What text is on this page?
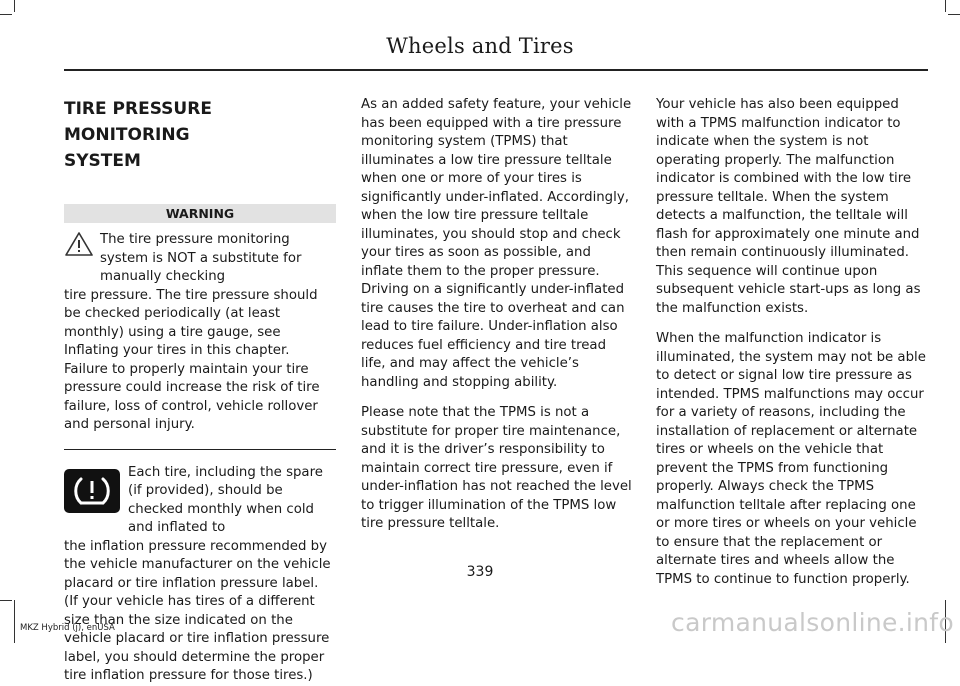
Wheels and Tires
TIRE PRESSURE MONITORING
SYSTEM
WARNING
The tire pressure monitoring system is NOT a substitute for manually checking
tire pressure. The tire pressure should be checked periodically (at least monthly) using a tire gauge, see Inflating your tires in this chapter. Failure to properly maintain your tire pressure could increase the risk of tire failure, loss of control, vehicle rollover and personal injury.
Each tire, including the spare (if provided), should be checked monthly when cold and inflated to
the inflation pressure recommended by the vehicle manufacturer on the vehicle placard or tire inflation pressure label. (If your vehicle has tires of a different size than the size indicated on the vehicle placard or tire inflation pressure label, you should determine the proper tire inflation pressure for those tires.)

As an added safety feature, your vehicle has been equipped with a tire pressure monitoring system (TPMS) that illuminates a low tire pressure telltale when one or more of your tires is significantly under-inflated. Accordingly, when the low tire pressure telltale illuminates, you should stop and check your tires as soon as possible, and inflate them to the proper pressure. Driving on a significantly under-inflated tire causes the tire to overheat and can lead to tire failure. Under-inflation also reduces fuel efficiency and tire tread life, and may affect the vehicle’s handling and stopping ability.

Please note that the TPMS is not a substitute for proper tire maintenance, and it is the driver’s responsibility to maintain correct tire pressure, even if under-inflation has not reached the level to trigger illumination of the TPMS low tire pressure telltale.

Your vehicle has also been equipped with a TPMS malfunction indicator to indicate when the system is not operating properly. The malfunction indicator is combined with the low tire pressure telltale. When the system detects a malfunction, the telltale will flash for approximately one minute and then remain continuously illuminated. This sequence will continue upon subsequent vehicle start-ups as long as the malfunction exists.

When the malfunction indicator is illuminated, the system may not be able to detect or signal low tire pressure as intended. TPMS malfunctions may occur for a variety of reasons, including the installation of replacement or alternate tires or wheels on the vehicle that prevent the TPMS from functioning properly. Always check the TPMS malfunction telltale after replacing one or more tires or wheels on your vehicle to ensure that the replacement or alternate tires and wheels allow the TPMS to continue to function properly.

339
MKZ Hybrid (j), enUSA	carmanualsonline.info
